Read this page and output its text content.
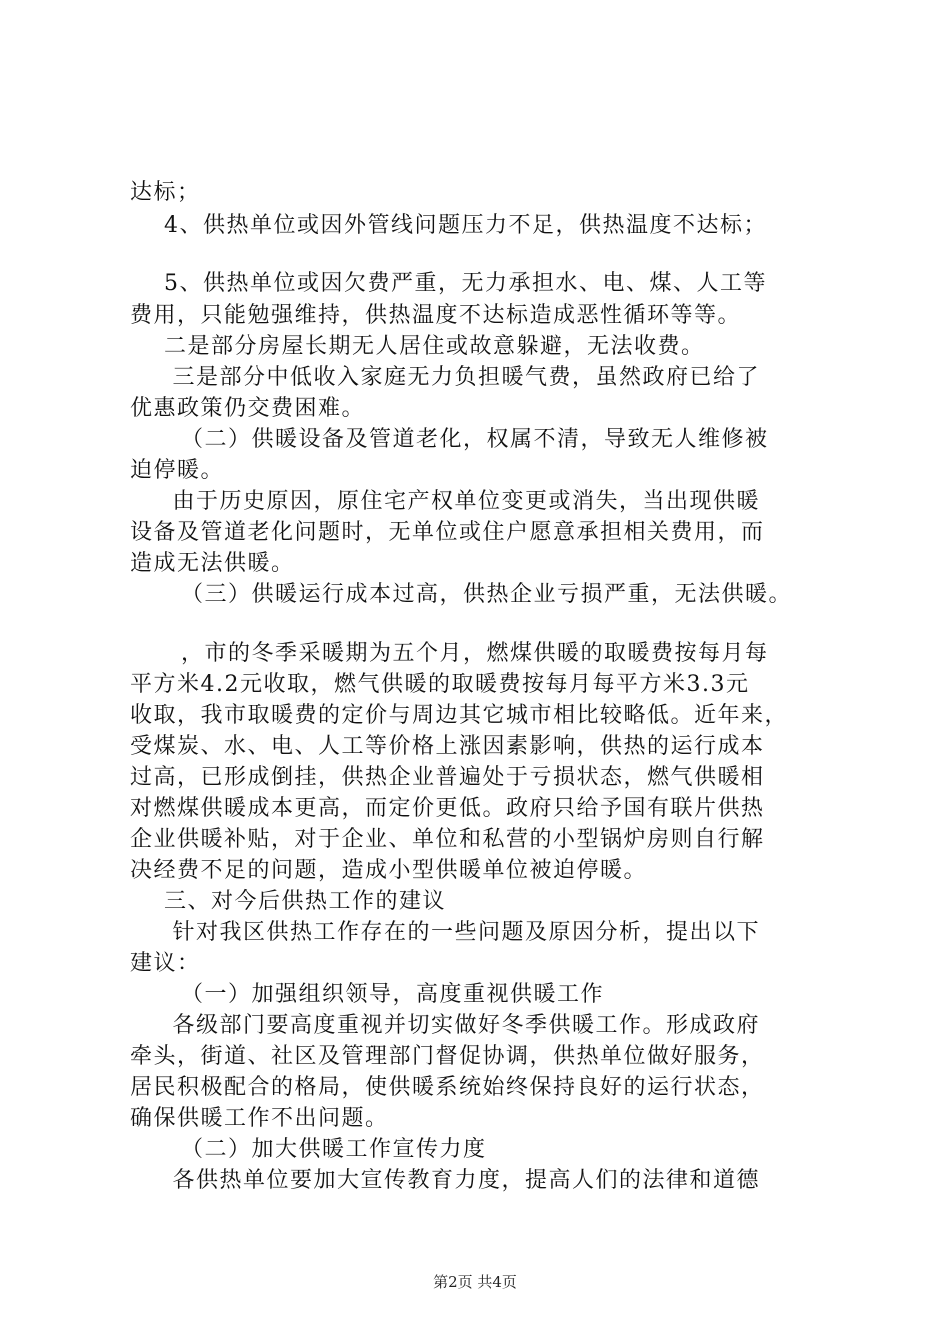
达标；
4、供热单位或因外管线问题压力不足，供热温度不达标；
5、供热单位或因欠费严重，无力承担水、电、煤、人工等
费用，只能勉强维持，供热温度不达标造成恶性循环等等。
二是部分房屋长期无人居住或故意躲避，无法收费。
三是部分中低收入家庭无力负担暖气费，虽然政府已给了
优惠政策仍交费困难。
（二）供暖设备及管道老化，权属不清，导致无人维修被
迫停暖。
由于历史原因，原住宅产权单位变更或消失，当出现供暖
设备及管道老化问题时，无单位或住户愿意承担相关费用，而
造成无法供暖。
（三）供暖运行成本过高，供热企业亏损严重，无法供暖。
，市的冬季采暖期为五个月，燃煤供暖的取暖费按每月每
平方米4.2元收取，燃气供暖的取暖费按每月每平方米3.3元
收取，我市取暖费的定价与周边其它城市相比较略低。近年来，
受煤炭、水、电、人工等价格上涨因素影响，供热的运行成本
过高，已形成倒挂，供热企业普遍处于亏损状态，燃气供暖相
对燃煤供暖成本更高，而定价更低。政府只给予国有联片供热
企业供暖补贴，对于企业、单位和私营的小型锅炉房则自行解
决经费不足的问题，造成小型供暖单位被迫停暖。
三、对今后供热工作的建议
针对我区供热工作存在的一些问题及原因分析，提出以下
建议：
（一）加强组织领导，高度重视供暖工作
各级部门要高度重视并切实做好冬季供暖工作。形成政府
牵头，街道、社区及管理部门督促协调，供热单位做好服务，
居民积极配合的格局，使供暖系统始终保持良好的运行状态，
确保供暖工作不出问题。
（二）加大供暖工作宣传力度
各供热单位要加大宣传教育力度，提高人们的法律和道德
第2页 共4页
